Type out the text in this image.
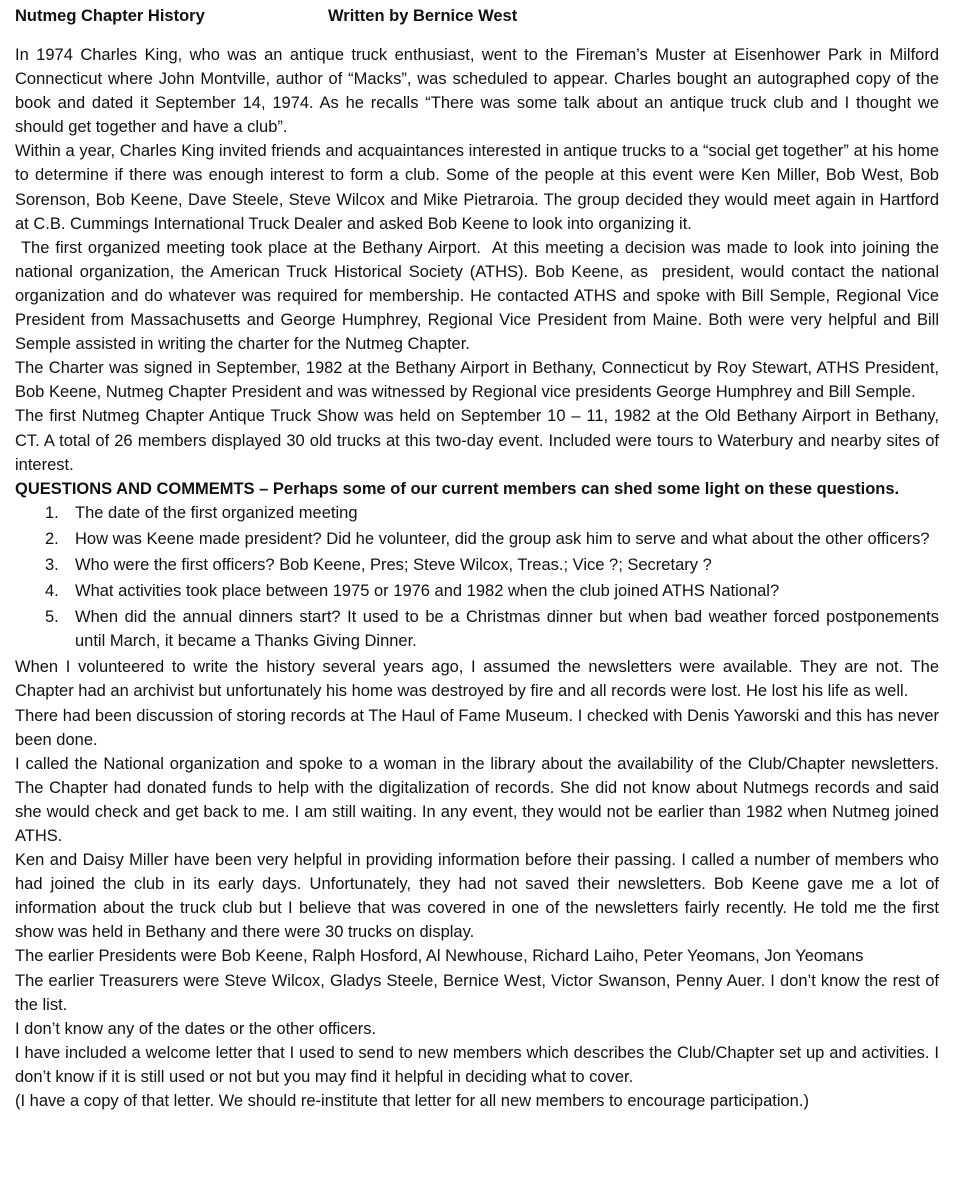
Nutmeg Chapter History	Written by Bernice West

In 1974 Charles King, who was an antique truck enthusiast, went to the Fireman’s Muster at Eisenhower Park in Milford Connecticut where John Montville, author of “Macks”, was scheduled to appear. Charles bought an autographed copy of the book and dated it September 14, 1974. As he recalls “There was some talk about an antique truck club and I thought we should get together and have a club”.

Within a year, Charles King invited friends and acquaintances interested in antique trucks to a “social get together” at his home to determine if there was enough interest to form a club. Some of the people at this event were Ken Miller, Bob West, Bob Sorenson, Bob Keene, Dave Steele, Steve Wilcox and Mike Pietraroia. The group decided they would meet again in Hartford at C.B. Cummings International Truck Dealer and asked Bob Keene to look into organizing it.

The first organized meeting took place at the Bethany Airport.  At this meeting a decision was made to look into joining the national organization, the American Truck Historical Society (ATHS). Bob Keene, as  president, would contact the national organization and do whatever was required for membership. He contacted ATHS and spoke with Bill Semple, Regional Vice President from Massachusetts and George Humphrey, Regional Vice President from Maine. Both were very helpful and Bill Semple assisted in writing the charter for the Nutmeg Chapter.

The Charter was signed in September, 1982 at the Bethany Airport in Bethany, Connecticut by Roy Stewart, ATHS President, Bob Keene, Nutmeg Chapter President and was witnessed by Regional vice presidents George Humphrey and Bill Semple.

The first Nutmeg Chapter Antique Truck Show was held on September 10 – 11, 1982 at the Old Bethany Airport in Bethany, CT. A total of 26 members displayed 30 old trucks at this two-day event. Included were tours to Waterbury and nearby sites of interest.

QUESTIONS AND COMMEMTS – Perhaps some of our current members can shed some light on these questions.

1. The date of the first organized meeting
2. How was Keene made president? Did he volunteer, did the group ask him to serve and what about the other officers?
3. Who were the first officers? Bob Keene, Pres; Steve Wilcox, Treas.; Vice ?; Secretary ?
4. What activities took place between 1975 or 1976 and 1982 when the club joined ATHS National?
5. When did the annual dinners start? It used to be a Christmas dinner but when bad weather forced postponements until March, it became a Thanks Giving Dinner.

When I volunteered to write the history several years ago, I assumed the newsletters were available. They are not. The Chapter had an archivist but unfortunately his home was destroyed by fire and all records were lost. He lost his life as well.

There had been discussion of storing records at The Haul of Fame Museum. I checked with Denis Yaworski and this has never been done.

I called the National organization and spoke to a woman in the library about the availability of the Club/Chapter newsletters. The Chapter had donated funds to help with the digitalization of records. She did not know about Nutmegs records and said she would check and get back to me. I am still waiting. In any event, they would not be earlier than 1982 when Nutmeg joined ATHS.

Ken and Daisy Miller have been very helpful in providing information before their passing. I called a number of members who had joined the club in its early days. Unfortunately, they had not saved their newsletters. Bob Keene gave me a lot of information about the truck club but I believe that was covered in one of the newsletters fairly recently. He told me the first show was held in Bethany and there were 30 trucks on display.

The earlier Presidents were Bob Keene, Ralph Hosford, Al Newhouse, Richard Laiho, Peter Yeomans, Jon Yeomans

The earlier Treasurers were Steve Wilcox, Gladys Steele, Bernice West, Victor Swanson, Penny Auer. I don’t know the rest of the list.

I don’t know any of the dates or the other officers.

I have included a welcome letter that I used to send to new members which describes the Club/Chapter set up and activities. I don’t know if it is still used or not but you may find it helpful in deciding what to cover.

(I have a copy of that letter. We should re-institute that letter for all new members to encourage participation.)
